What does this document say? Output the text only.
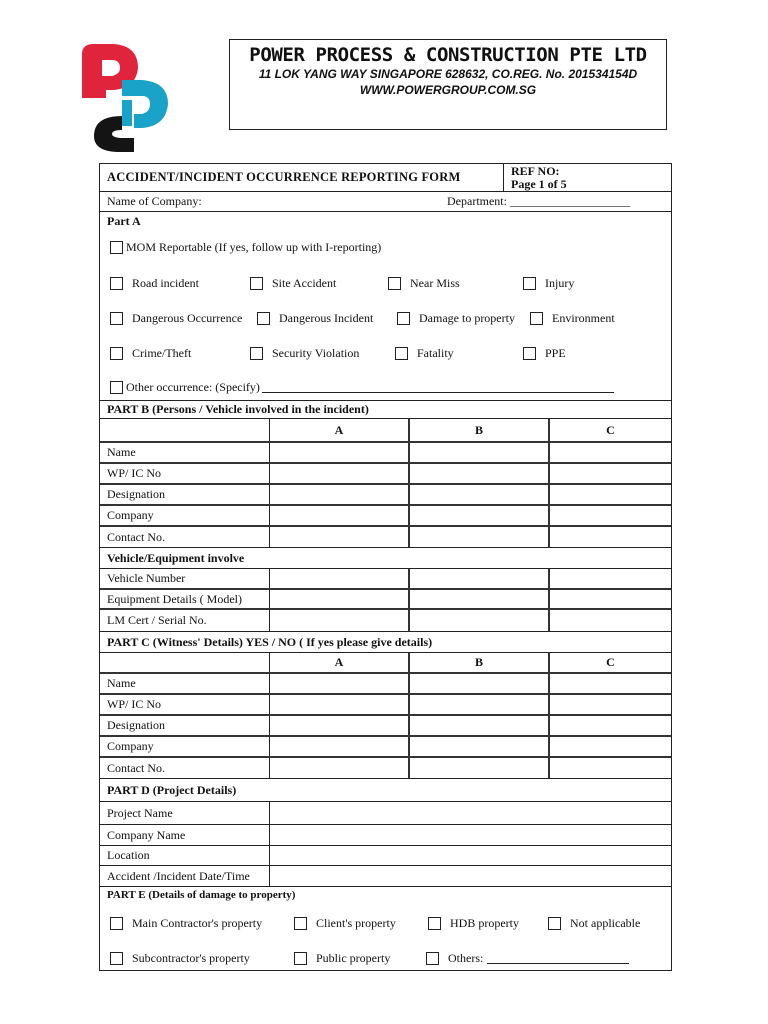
POWER PROCESS & CONSTRUCTION PTE LTD
11 LOK YANG WAY SINGAPORE 628632, CO.REG. No. 201534154D
WWW.POWERGROUP.COM.SG
ACCIDENT/INCIDENT OCCURRENCE REPORTING FORM	REF NO:
Page 1 of 5
Name of Company:	Department: ____________________
Part A
MOM Reportable (If yes, follow up with I-reporting)
Road incident	Site Accident	Near Miss	Injury
Dangerous Occurrence	Dangerous Incident	Damage to property	Environment
Crime/Theft	Security Violation	Fatality	PPE
Other occurrence: (Specify)
PART B (Persons / Vehicle involved in the incident)
A	B	C
Name
WP/ IC No
Designation
Company
Contact No.
Vehicle/Equipment involve
Vehicle Number
Equipment Details ( Model)
LM Cert / Serial No.
PART C (Witness' Details) YES / NO ( If yes please give details)
A	B	C
Name
WP/ IC No
Designation
Company
Contact No.
PART D (Project Details)
Project Name
Company Name
Location
Accident /Incident Date/Time
PART E (Details of damage to property)
Main Contractor's property	Client's property	HDB property	Not applicable
Subcontractor's property	Public property	Others:
